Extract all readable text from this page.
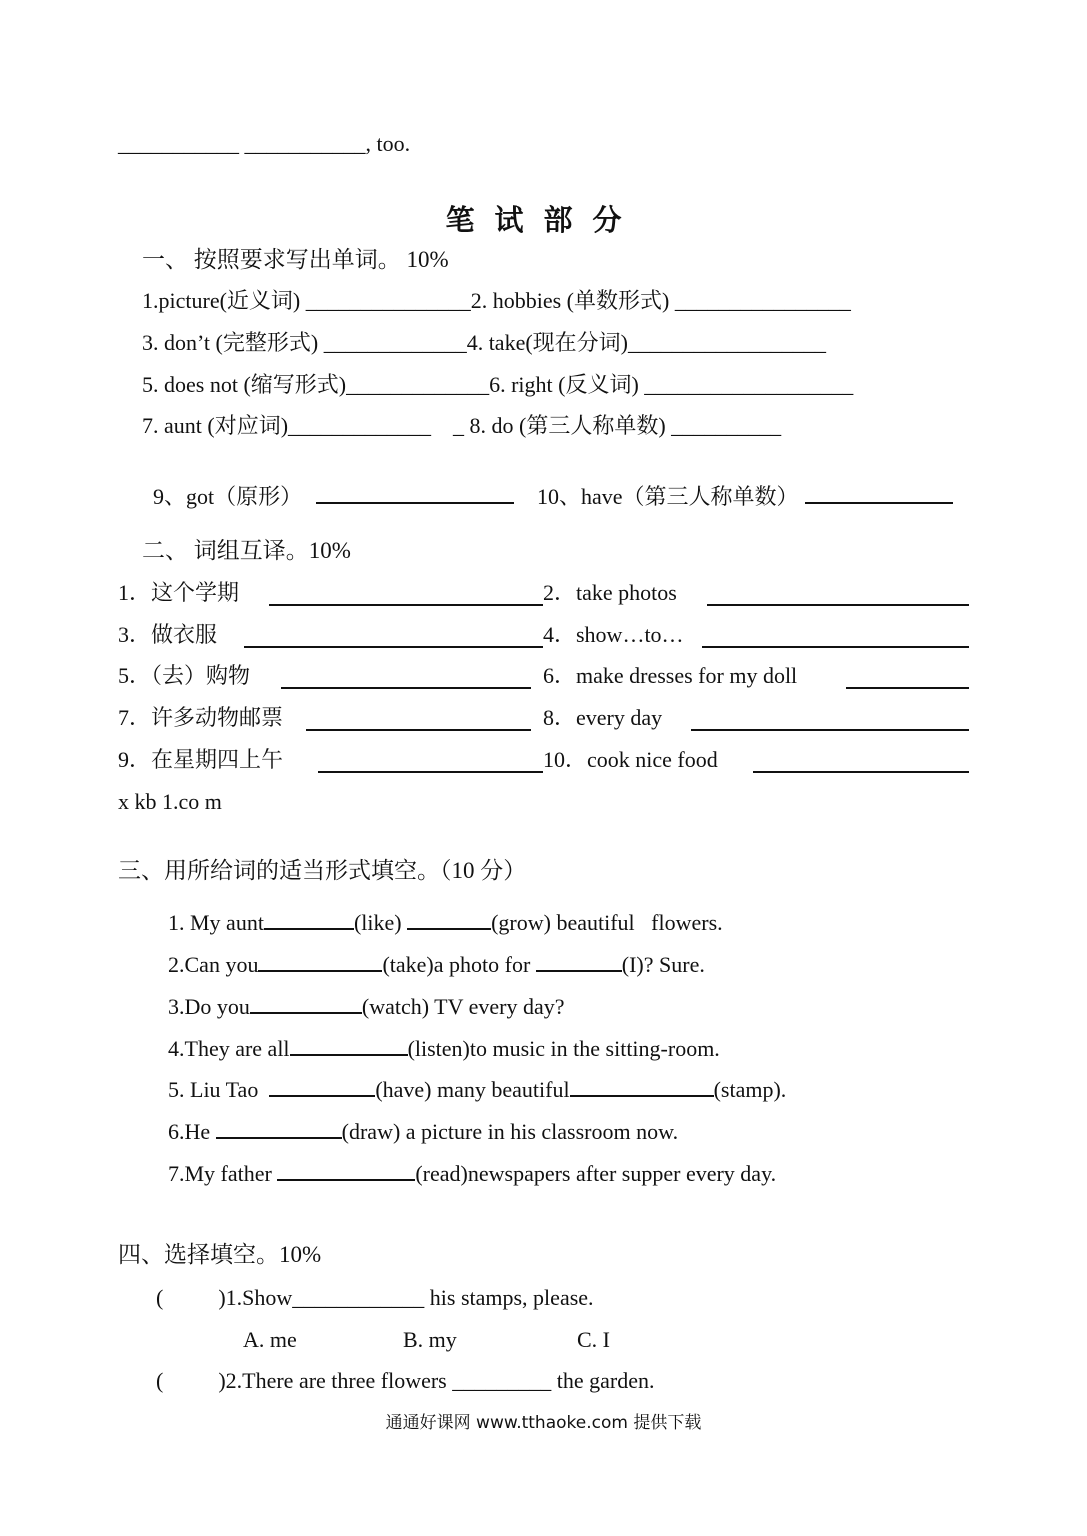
___________ ___________, too.
笔试部分
一、 按照要求写出单词。 10%
1.picture(近义词) _______________2. hobbies (单数形式) ________________
3. don’t (完整形式) _____________4. take(现在分词)__________________
5. does not (缩写形式)_____________6. right (反义词) ___________________
7. aunt (对应词)_____________    _ 8. do (第三人称单数) __________

9、got（原形）	10、have（第三人称单数）

二、 词组互译。10%
1．这个学期	2．take photos
3．做衣服	4．show…to…
5．（去）购物	6．make dresses for my doll
7．许多动物邮票	8．every day
9．在星期四上午	10．cook nice food
x kb 1.co m
三、用所给词的适当形式填空。（10 分）
1. My aunt	(like)	(grow) beautiful   flowers.
2.Can you	(take)a photo for	(I)? Sure.
3.Do you	(watch) TV every day?
4.They are all	(listen)to music in the sitting-room.
5. Liu Tao	(have) many beautiful	(stamp).
6.He	(draw) a picture in his classroom now.
7.My father	(read)newspapers after supper every day.
四、选择填空。10%
(          )1.Show____________ his stamps, please.
A. me	B. my	C. I
(          )2.There are three flowers _________ the garden.
通通好课网 www.tthaoke.com 提供下载
